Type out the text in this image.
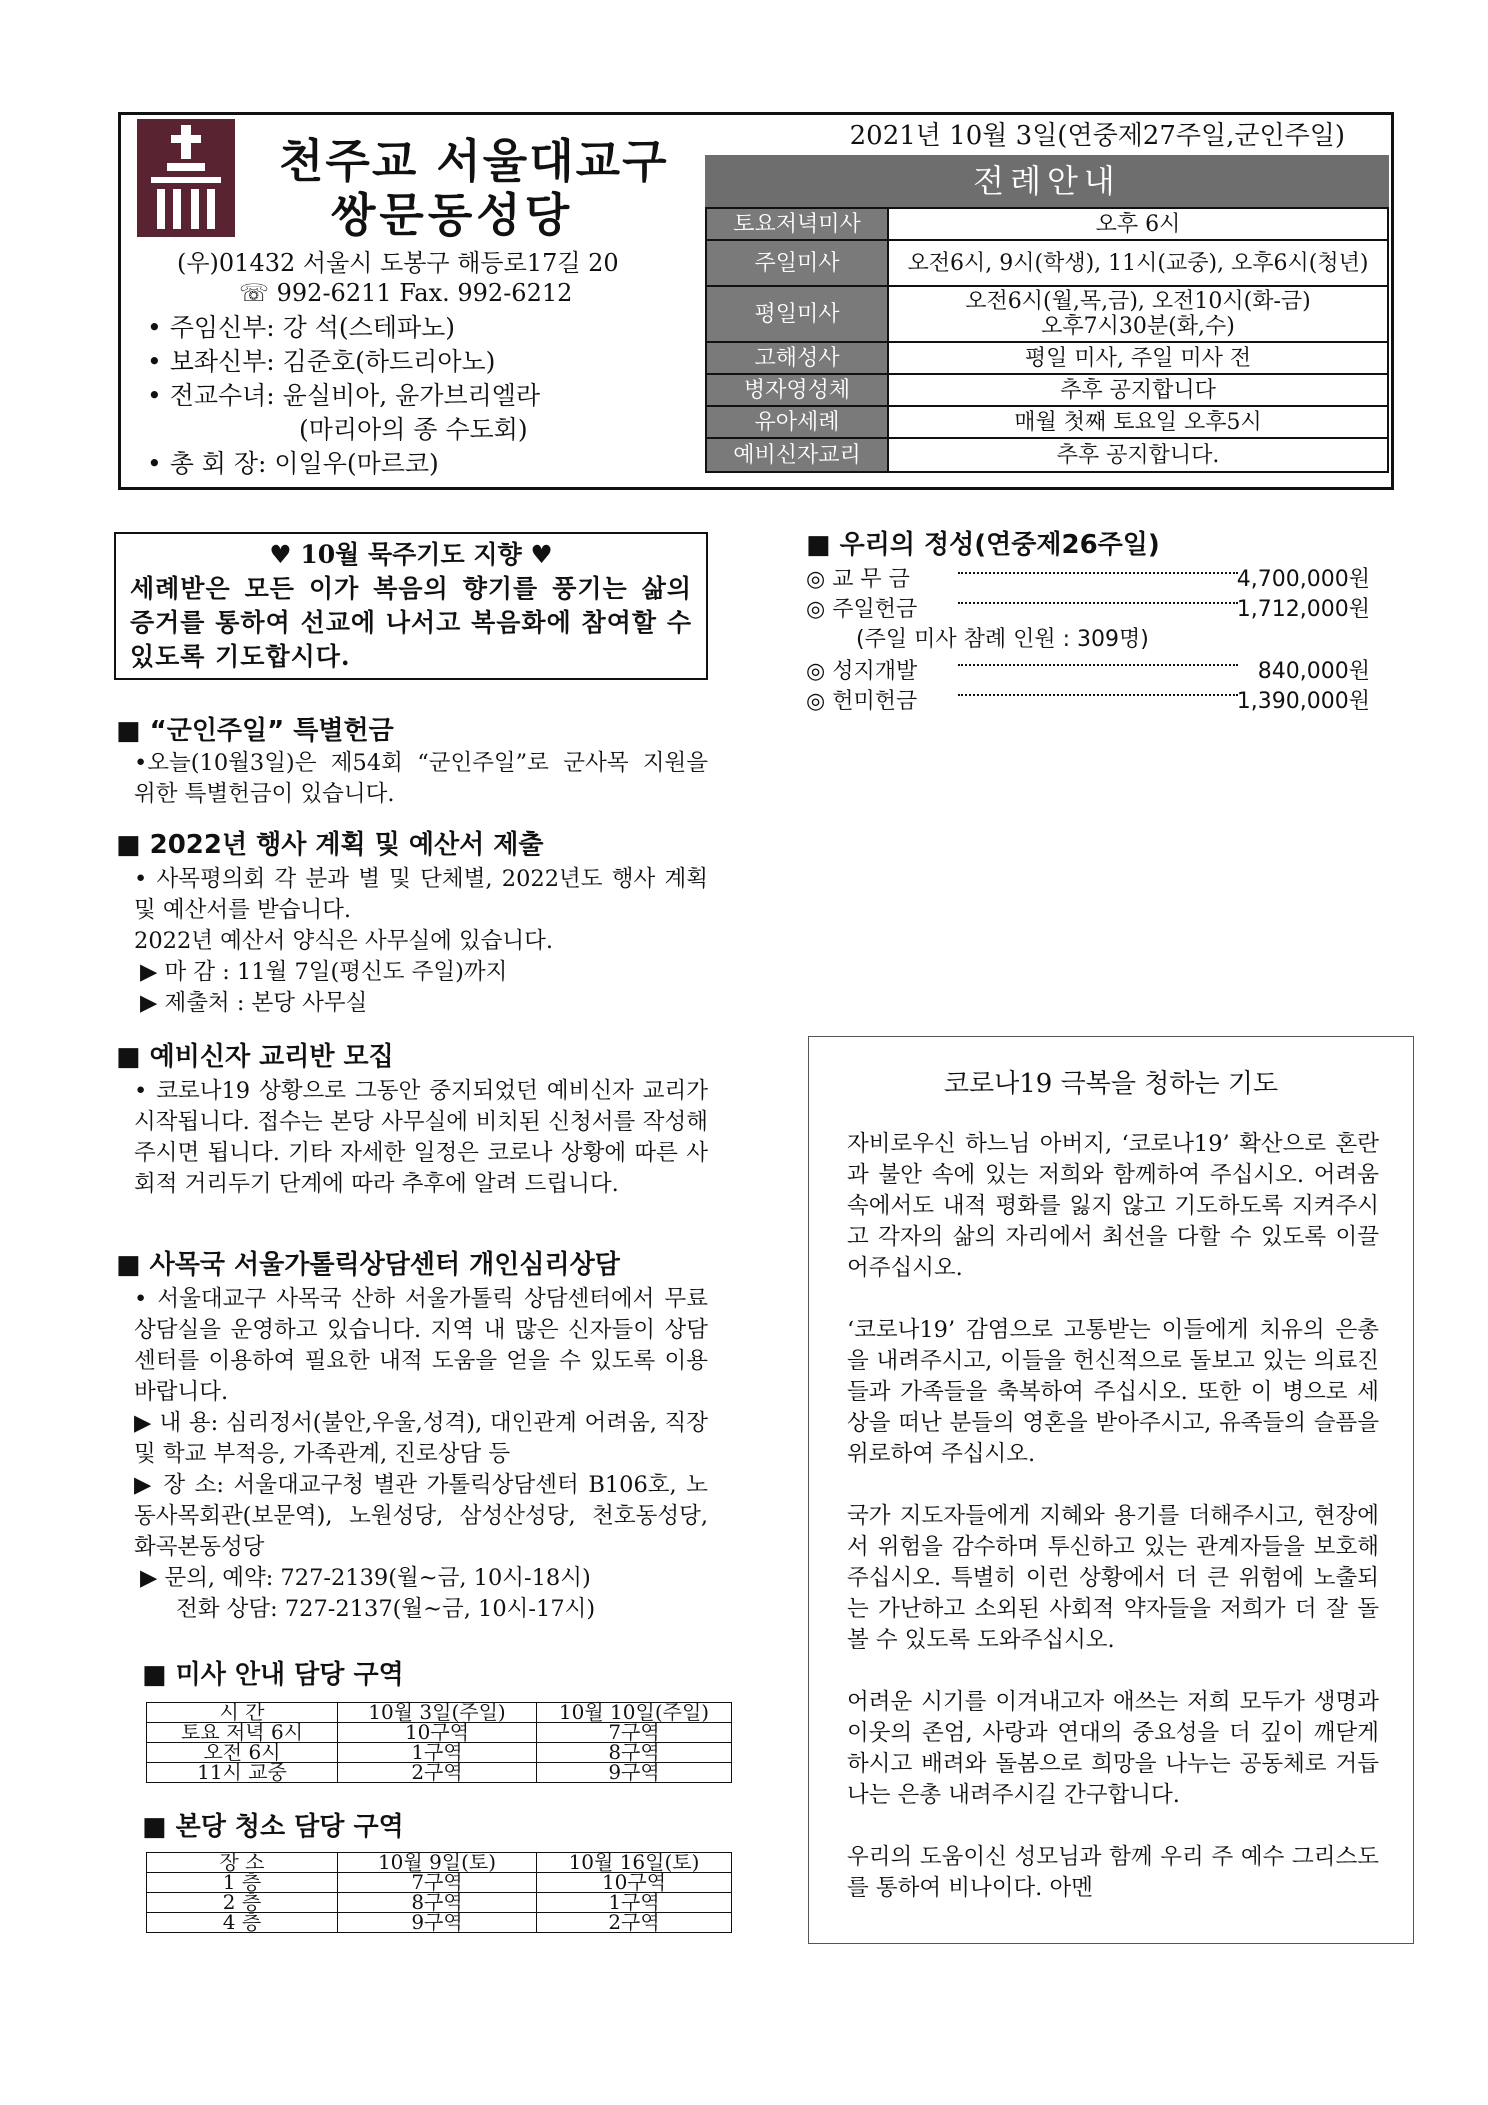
천주교 서울대교구
쌍문동성당
(우)01432 서울시 도봉구 해등로17길 20
☏ 992-6211 Fax. 992-6212
• 주임신부: 강 석(스테파노)
• 보좌신부: 김준호(하드리아노)
• 전교수녀: 윤실비아, 윤가브리엘라
(마리아의 종 수도회)
• 총 회 장: 이일우(마르코)
2021년 10월 3일(연중제27주일,군인주일)
전례안내
토요저녁미사	오후 6시
주일미사	오전6시, 9시(학생), 11시(교중), 오후6시(청년)
평일미사	오전6시(월,목,금), 오전10시(화-금)
오후7시30분(화,수)

고해성사	평일 미사, 주일 미사 전
병자영성체	추후 공지합니다
유아세례	매월 첫째 토요일 오후5시
예비신자교리	추후 공지합니다.
♥ 10월 묵주기도 지향 ♥
세례받은 모든 이가 복음의 향기를 풍기는 삶의 증거를 통하여 선교에 나서고 복음화에 참여할 수 있도록 기도합시다.
■ “군인주일” 특별헌금
•오늘(10월3일)은 제54회 “군인주일”로 군사목 지원을 위한 특별헌금이 있습니다.
■ 2022년 행사 계획 및 예산서 제출
• 사목평의회 각 분과 별 및 단체별, 2022년도 행사 계획 및 예산서를 받습니다.
2022년 예산서 양식은 사무실에 있습니다.
▶ 마 감 : 11월 7일(평신도 주일)까지
▶ 제출처 : 본당 사무실
■ 예비신자 교리반 모집
• 코로나19 상황으로 그동안 중지되었던 예비신자 교리가 시작됩니다. 접수는 본당 사무실에 비치된 신청서를 작성해 주시면 됩니다. 기타 자세한 일정은 코로나 상황에 따른 사회적 거리두기 단계에 따라 추후에 알려 드립니다.
■ 사목국 서울가톨릭상담센터 개인심리상담
• 서울대교구 사목국 산하 서울가톨릭 상담센터에서 무료상담실을 운영하고 있습니다. 지역 내 많은 신자들이 상담센터를 이용하여 필요한 내적 도움을 얻을 수 있도록 이용 바랍니다.
▶ 내 용: 심리정서(불안,우울,성격), 대인관계 어려움, 직장 및 학교 부적응, 가족관계, 진로상담 등
▶ 장 소: 서울대교구청 별관 가톨릭상담센터 B106호, 노동사목회관(보문역), 노원성당, 삼성산성당, 천호동성당, 화곡본동성당
▶ 문의, 예약: 727-2139(월~금, 10시-18시)
전화 상담: 727-2137(월~금, 10시-17시)
■ 미사 안내 담당 구역
시 간	10월 3일(주일)	10월 10일(주일)
토요 저녁 6시	10구역	7구역
오전 6시	1구역	8구역
11시 교중	2구역	9구역
■ 본당 청소 담당 구역
장 소	10월 9일(토)	10월 16일(토)
1 층	7구역	10구역
2 층	8구역	1구역
4 층	9구역	2구역
■ 우리의 정성(연중제26주일)
◎ 교 무 금	4,700,000원
◎ 주일헌금	1,712,000원
(주일 미사 참례 인원 : 309명)
◎ 성지개발	840,000원
◎ 헌미헌금	1,390,000원
코로나19 극복을 청하는 기도

자비로우신 하느님 아버지, ‘코로나19’ 확산으로 혼란과 불안 속에 있는 저희와 함께하여 주십시오. 어려움 속에서도 내적 평화를 잃지 않고 기도하도록 지켜주시고 각자의 삶의 자리에서 최선을 다할 수 있도록 이끌어주십시오.

‘코로나19’ 감염으로 고통받는 이들에게 치유의 은총을 내려주시고, 이들을 헌신적으로 돌보고 있는 의료진들과 가족들을 축복하여 주십시오. 또한 이 병으로 세상을 떠난 분들의 영혼을 받아주시고, 유족들의 슬픔을 위로하여 주십시오.

국가 지도자들에게 지혜와 용기를 더해주시고, 현장에서 위험을 감수하며 투신하고 있는 관계자들을 보호해주십시오. 특별히 이런 상황에서 더 큰 위험에 노출되는 가난하고 소외된 사회적 약자들을 저희가 더 잘 돌볼 수 있도록 도와주십시오.

어려운 시기를 이겨내고자 애쓰는 저희 모두가 생명과 이웃의 존엄, 사랑과 연대의 중요성을 더 깊이 깨닫게 하시고 배려와 돌봄으로 희망을 나누는 공동체로 거듭나는 은총 내려주시길 간구합니다.

우리의 도움이신 성모님과 함께 우리 주 예수 그리스도를 통하여 비나이다. 아멘
